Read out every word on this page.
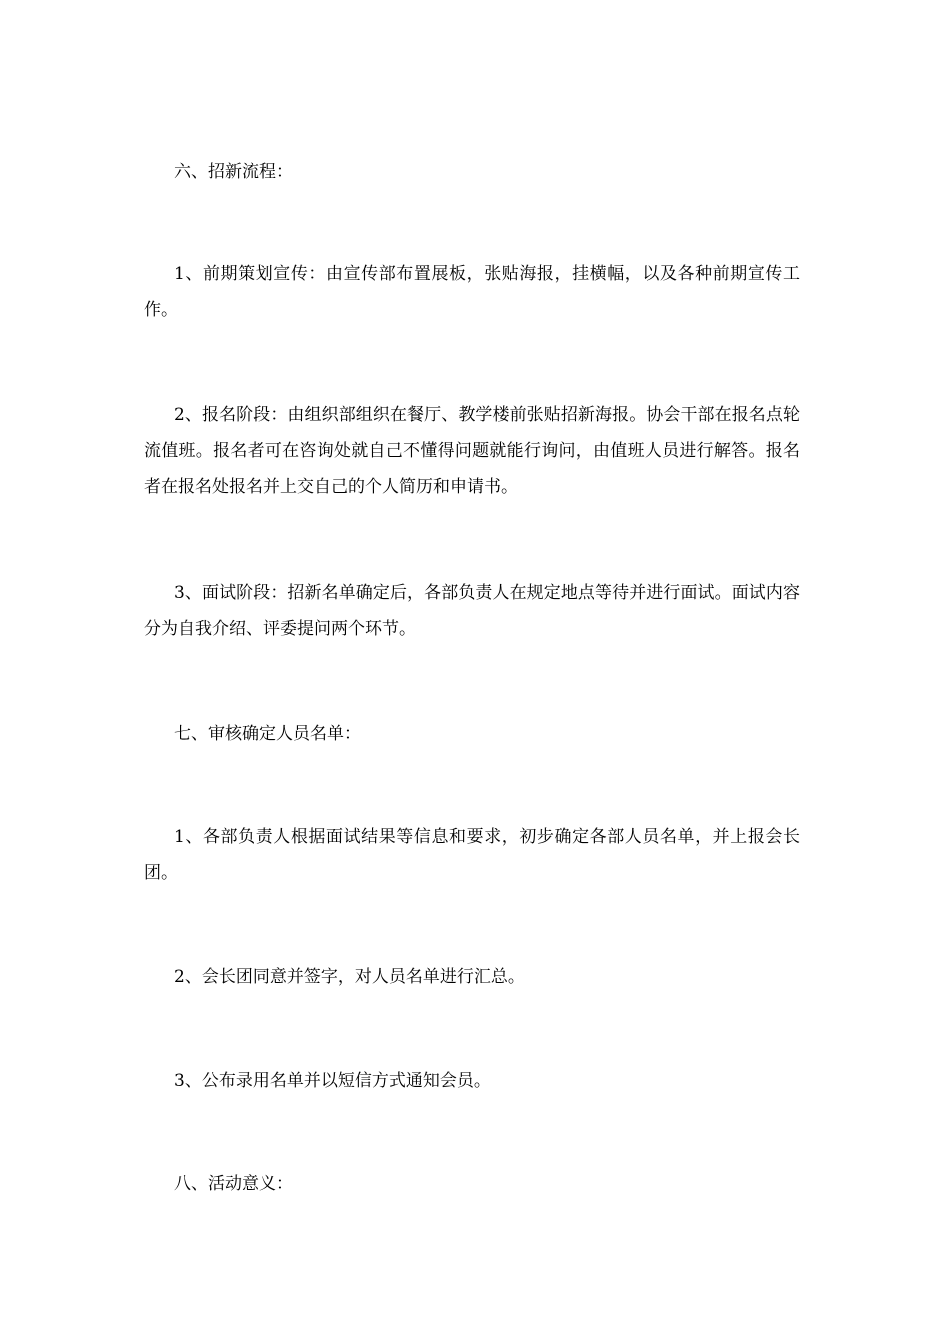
六、招新流程：

1、前期策划宣传：由宣传部布置展板，张贴海报，挂横幅，以及各种前期宣传工作。

2、报名阶段：由组织部组织在餐厅、教学楼前张贴招新海报。协会干部在报名点轮流值班。报名者可在咨询处就自己不懂得问题就能行询问，由值班人员进行解答。报名者在报名处报名并上交自己的个人简历和申请书。

3、面试阶段：招新名单确定后，各部负责人在规定地点等待并进行面试。面试内容分为自我介绍、评委提问两个环节。

七、审核确定人员名单：

1、各部负责人根据面试结果等信息和要求，初步确定各部人员名单，并上报会长团。

2、会长团同意并签字，对人员名单进行汇总。

3、公布录用名单并以短信方式通知会员。

八、活动意义：
